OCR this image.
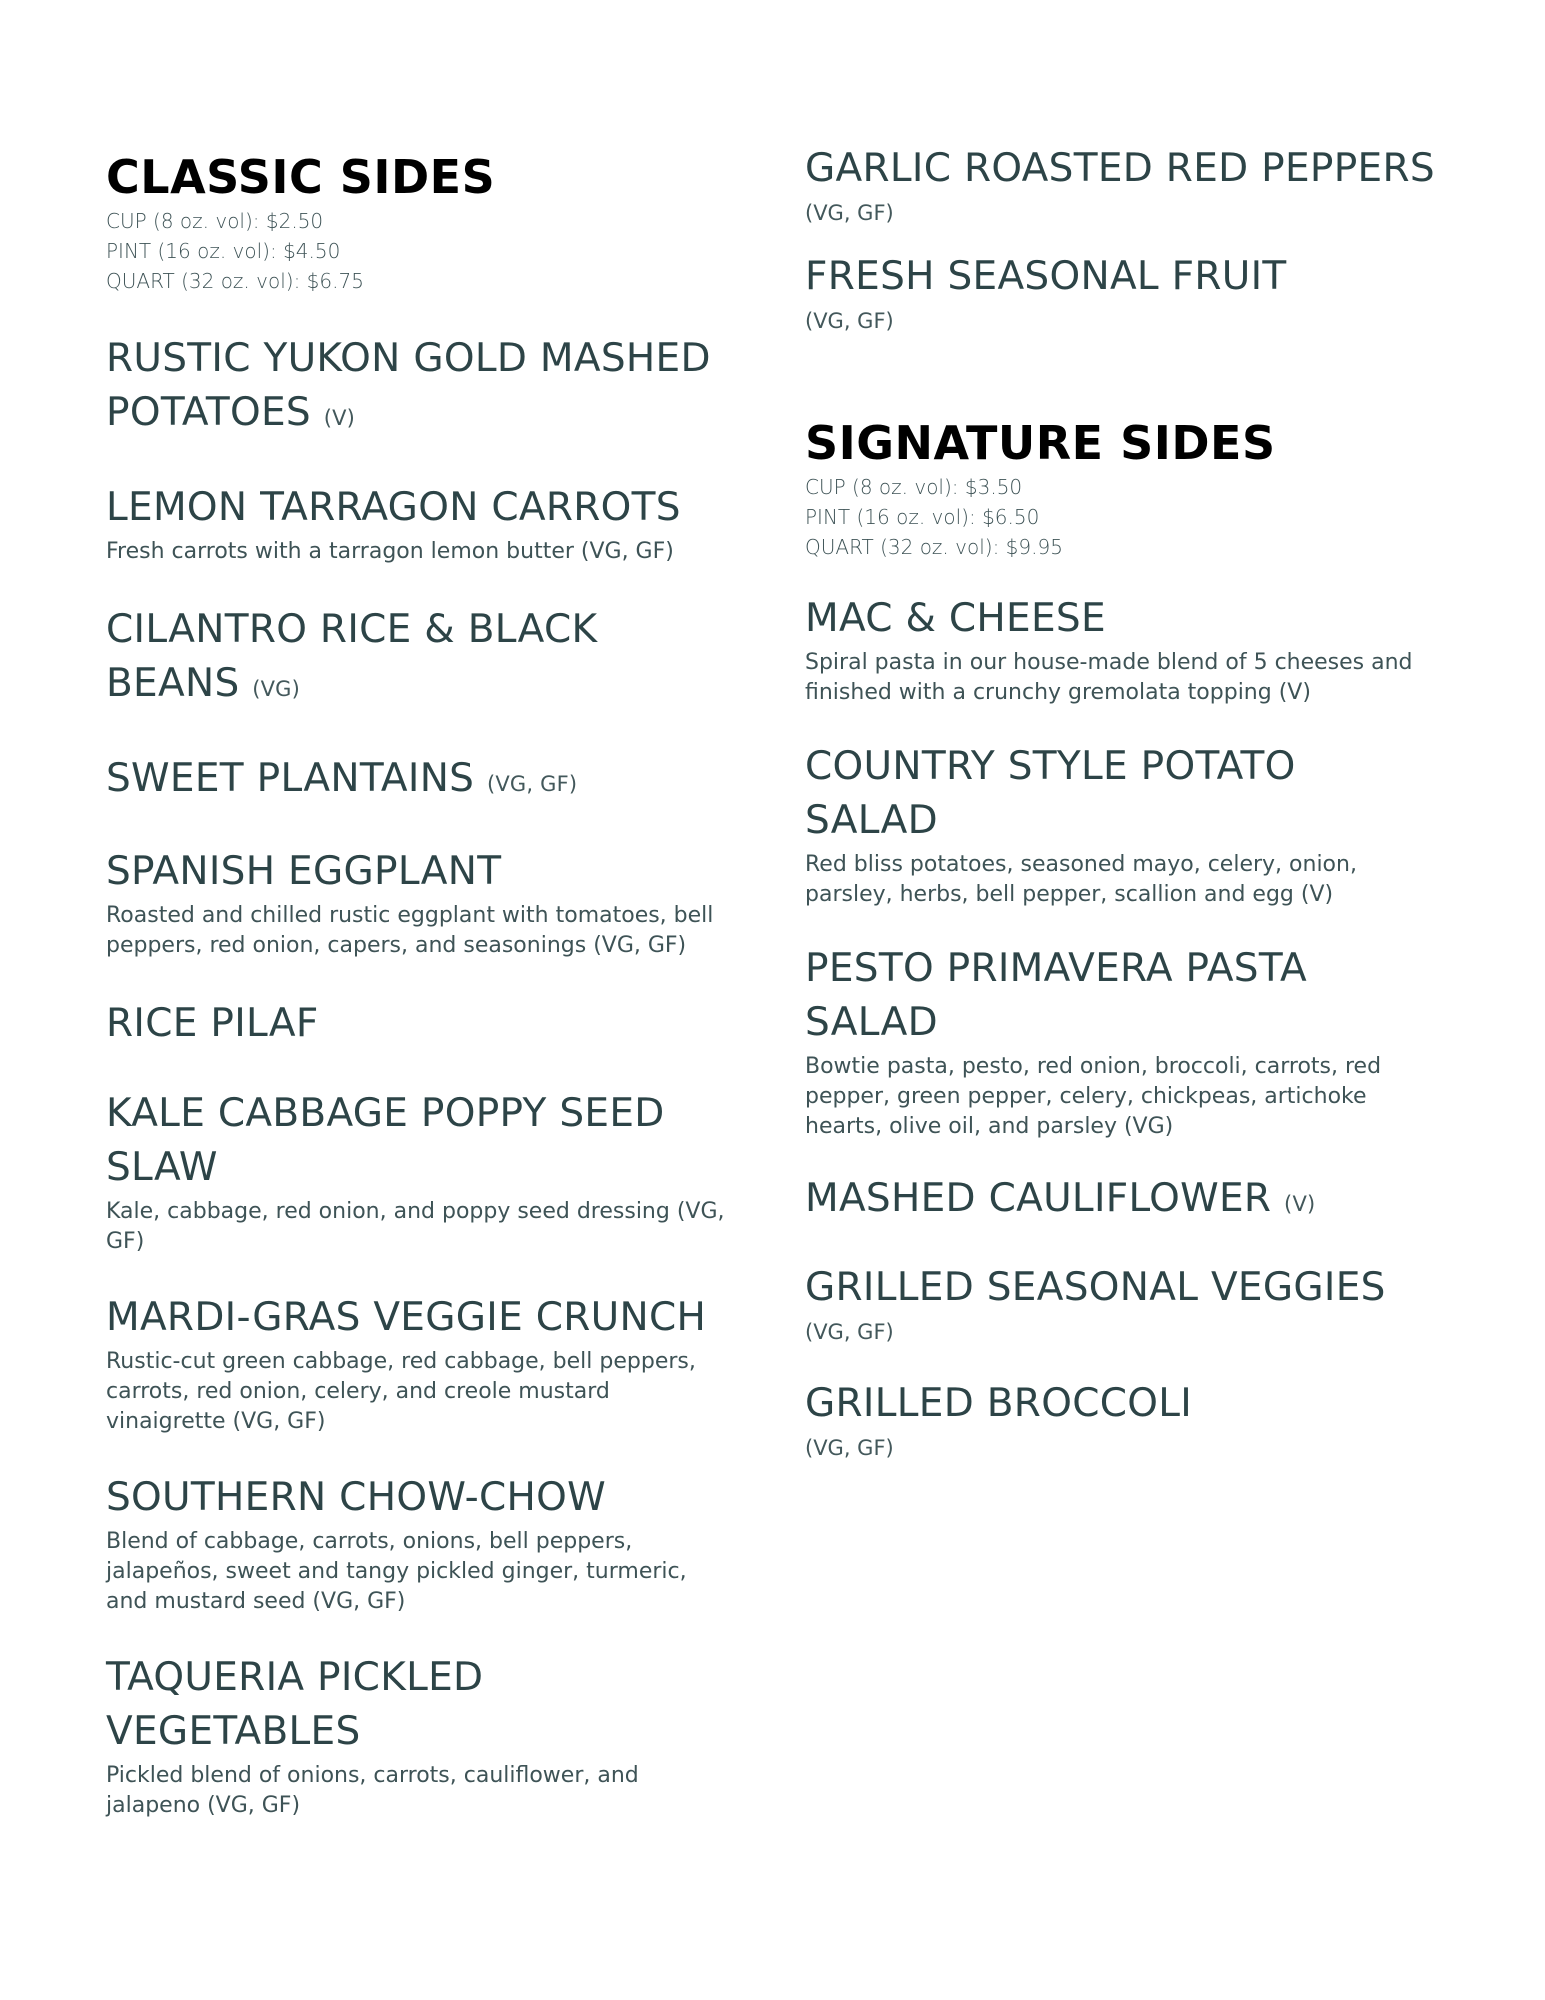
CLASSIC SIDES

CUP (8 oz. vol): $2.50

PINT (16 oz. vol): $4.50

QUART (32 oz. vol): $6.75

RUSTIC YUKON GOLD MASHED POTATOES (V)

LEMON TARRAGON CARROTS

Fresh carrots with a tarragon lemon butter (VG, GF)

CILANTRO RICE & BLACK BEANS (VG)

SWEET PLANTAINS (VG, GF)

SPANISH EGGPLANT

Roasted and chilled rustic eggplant with tomatoes, bell peppers, red onion, capers, and seasonings (VG, GF)

RICE PILAF

KALE CABBAGE POPPY SEED SLAW

Kale, cabbage, red onion, and poppy seed dressing (VG, GF)

MARDI-GRAS VEGGIE CRUNCH

Rustic-cut green cabbage, red cabbage, bell peppers, carrots, red onion, celery, and creole mustard vinaigrette (VG, GF)

SOUTHERN CHOW-CHOW

Blend of cabbage, carrots, onions, bell peppers, jalapeños, sweet and tangy pickled ginger, turmeric, and mustard seed (VG, GF)

TAQUERIA PICKLED VEGETABLES

Pickled blend of onions, carrots, cauliflower, and jalapeno (VG, GF)

GARLIC ROASTED RED PEPPERS

(VG, GF)

FRESH SEASONAL FRUIT

(VG, GF)

SIGNATURE SIDES

CUP (8 oz. vol): $3.50

PINT (16 oz. vol): $6.50

QUART (32 oz. vol): $9.95

MAC & CHEESE

Spiral pasta in our house-made blend of 5 cheeses and finished with a crunchy gremolata topping (V)

COUNTRY STYLE POTATO SALAD

Red bliss potatoes, seasoned mayo, celery, onion, parsley, herbs, bell pepper, scallion and egg (V)

PESTO PRIMAVERA PASTA SALAD

Bowtie pasta, pesto, red onion, broccoli, carrots, red pepper, green pepper, celery, chickpeas, artichoke hearts, olive oil, and parsley (VG)

MASHED CAULIFLOWER (V)

GRILLED SEASONAL VEGGIES

(VG, GF)

GRILLED BROCCOLI

(VG, GF)
